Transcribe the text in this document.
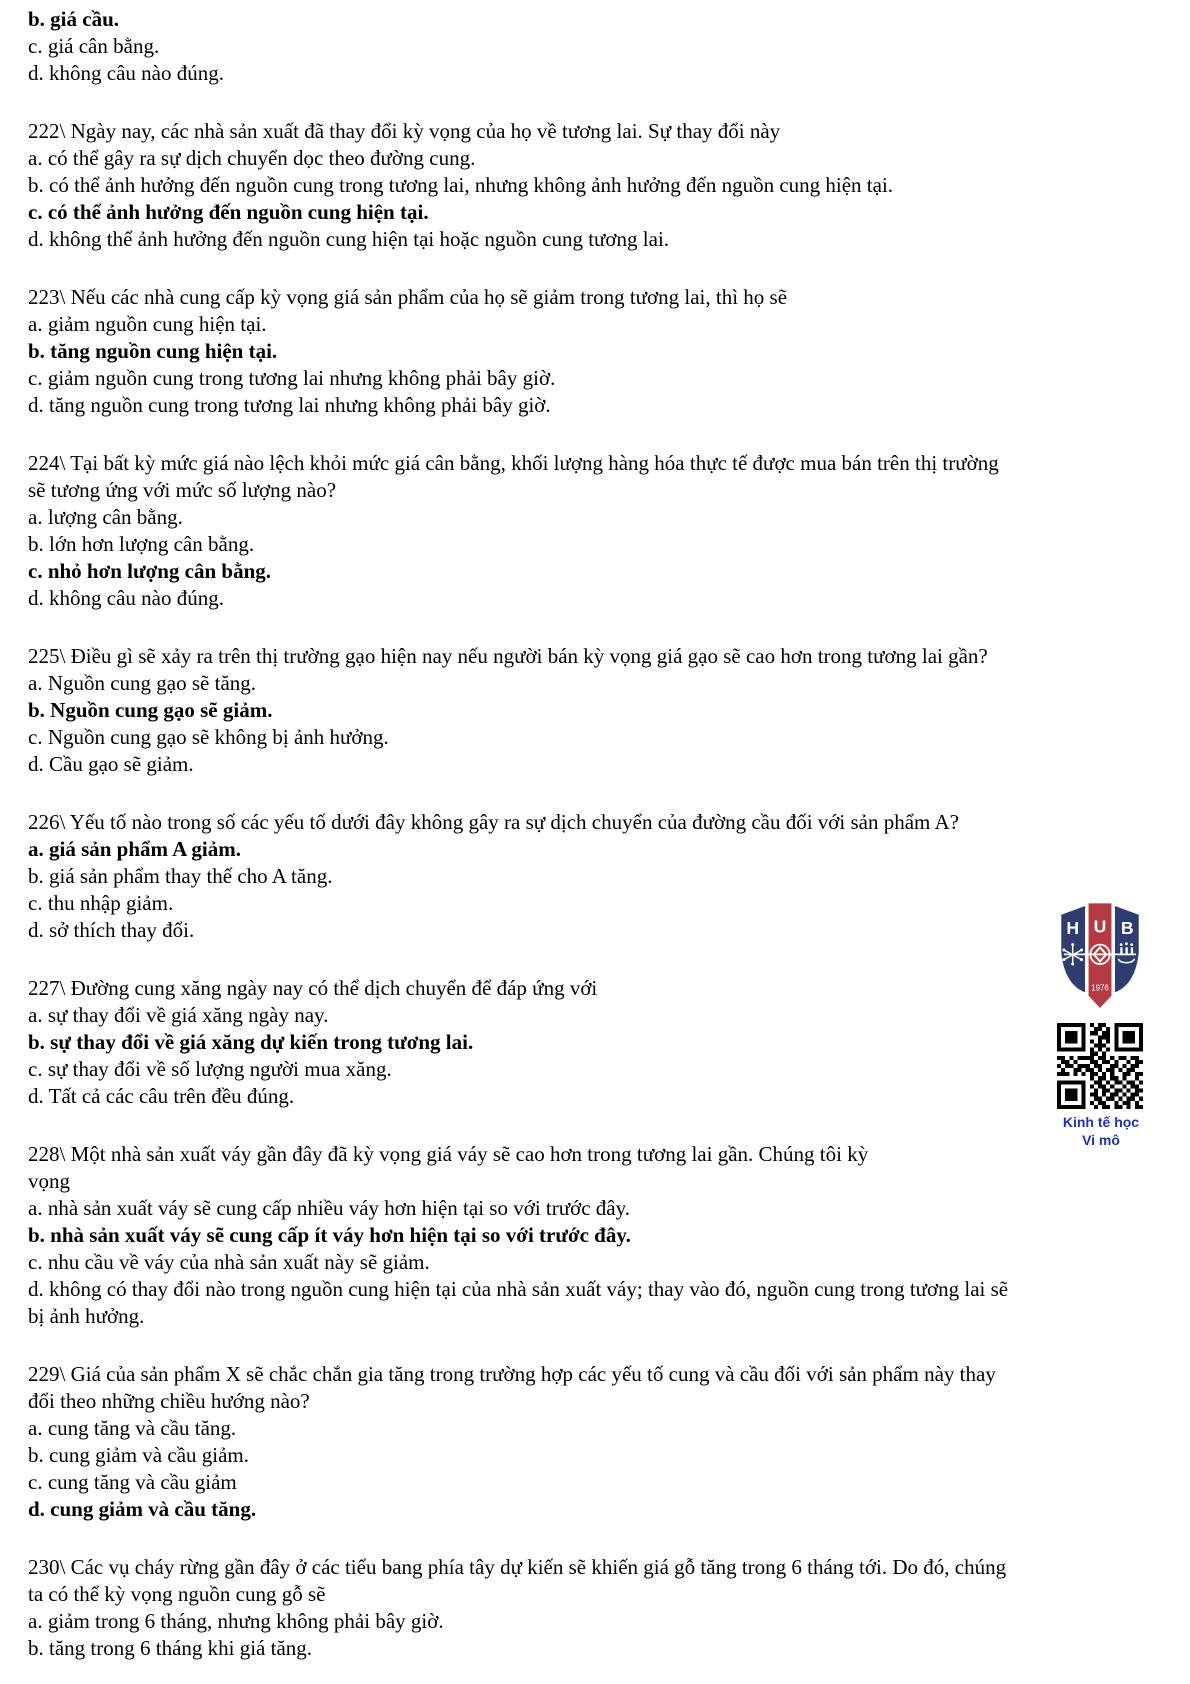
b. giá cầu.
c. giá cân bằng.
d. không câu nào đúng.
222\ Ngày nay, các nhà sản xuất đã thay đổi kỳ vọng của họ về tương lai. Sự thay đổi này
a. có thể gây ra sự dịch chuyển dọc theo đường cung.
b. có thể ảnh hưởng đến nguồn cung trong tương lai, nhưng không ảnh hưởng đến nguồn cung hiện tại.
c. có thể ảnh hưởng đến nguồn cung hiện tại.
d. không thể ảnh hưởng đến nguồn cung hiện tại hoặc nguồn cung tương lai.
223\ Nếu các nhà cung cấp kỳ vọng giá sản phẩm của họ sẽ giảm trong tương lai, thì họ sẽ
a. giảm nguồn cung hiện tại.
b. tăng nguồn cung hiện tại.
c. giảm nguồn cung trong tương lai nhưng không phải bây giờ.
d. tăng nguồn cung trong tương lai nhưng không phải bây giờ.
224\ Tại bất kỳ mức giá nào lệch khỏi mức giá cân bằng, khối lượng hàng hóa thực tế được mua bán trên thị trường
sẽ tương ứng với mức số lượng nào?
a. lượng cân bằng.
b. lớn hơn lượng cân bằng.
c. nhỏ hơn lượng cân bằng.
d. không câu nào đúng.
225\ Điều gì sẽ xảy ra trên thị trường gạo hiện nay nếu người bán kỳ vọng giá gạo sẽ cao hơn trong tương lai gần?
a. Nguồn cung gạo sẽ tăng.
b. Nguồn cung gạo sẽ giảm.
c. Nguồn cung gạo sẽ không bị ảnh hưởng.
d. Cầu gạo sẽ giảm.
226\ Yếu tố nào trong số các yếu tố dưới đây không gây ra sự dịch chuyển của đường cầu đối với sản phẩm A?
a. giá sản phẩm A giảm.
b. giá sản phẩm thay thế cho A tăng.
c. thu nhập giảm.
d. sở thích thay đổi.
227\ Đường cung xăng ngày nay có thể dịch chuyển để đáp ứng với
a. sự thay đổi về giá xăng ngày nay.
b. sự thay đổi về giá xăng dự kiến trong tương lai.
c. sự thay đổi về số lượng người mua xăng.
d. Tất cả các câu trên đều đúng.
228\ Một nhà sản xuất váy gần đây đã kỳ vọng giá váy sẽ cao hơn trong tương lai gần. Chúng tôi kỳ
vọng
a. nhà sản xuất váy sẽ cung cấp nhiều váy hơn hiện tại so với trước đây.
b. nhà sản xuất váy sẽ cung cấp ít váy hơn hiện tại so với trước đây.
c. nhu cầu về váy của nhà sản xuất này sẽ giảm.
d. không có thay đổi nào trong nguồn cung hiện tại của nhà sản xuất váy; thay vào đó, nguồn cung trong tương lai sẽ
bị ảnh hưởng.
229\ Giá của sản phẩm X sẽ chắc chắn gia tăng trong trường hợp các yếu tố cung và cầu đối với sản phẩm này thay
đổi theo những chiều hướng nào?
a. cung tăng và cầu tăng.
b. cung giảm và cầu giảm.
c. cung tăng và cầu giảm
d. cung giảm và cầu tăng.
230\ Các vụ cháy rừng gần đây ở các tiểu bang phía tây dự kiến sẽ khiến giá gỗ tăng trong 6 tháng tới. Do đó, chúng
ta có thể kỳ vọng nguồn cung gỗ sẽ
a. giảm trong 6 tháng, nhưng không phải bây giờ.
b. tăng trong 6 tháng khi giá tăng.
H U B
1976
Kinh tế học
Vi mô
